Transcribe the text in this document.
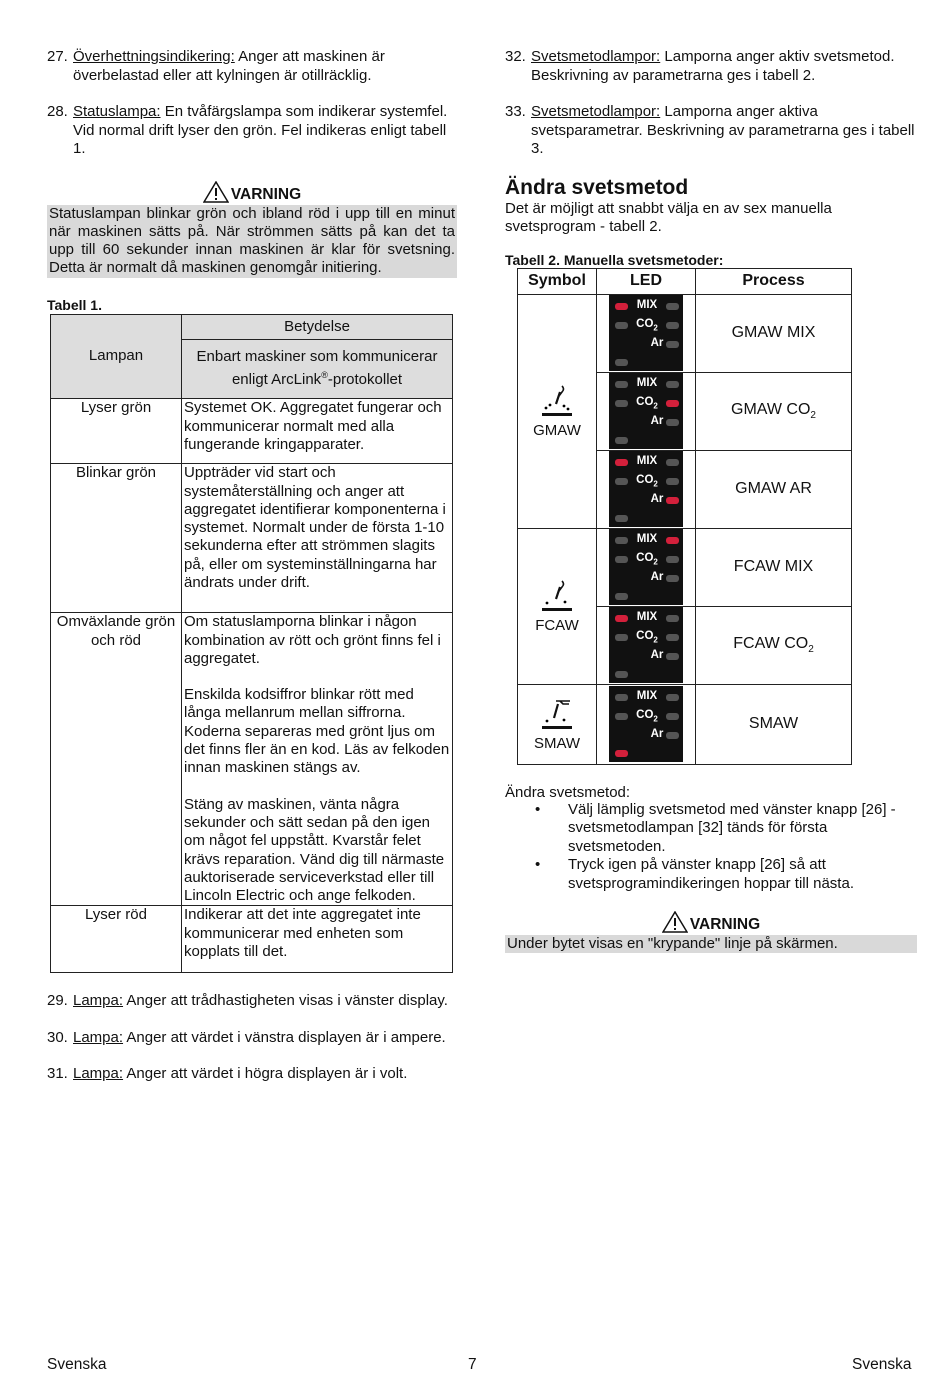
27. Överhettningsindikering: Anger att maskinen är överbelastad eller att kylningen är otillräcklig.
28. Statuslampa: En tvåfärgslampa som indikerar systemfel. Vid normal drift lyser den grön. Fel indikeras enligt tabell 1.
VARNING
Statuslampan blinkar grön och ibland röd i upp till en minut när maskinen sätts på. När strömmen sätts på kan det ta upp till 60 sekunder innan maskinen är klar för svetsning. Detta är normalt då maskinen genomgår initiering.
Tabell 1.
Lampan	Betydelse
	Enbart maskiner som kommunicerar enligt ArcLink®-protokollet
Lyser grön	Systemet OK. Aggregatet fungerar och kommunicerar normalt med alla fungerande kringapparater.
Blinkar grön	Uppträder vid start och systemåterställning och anger att aggregatet identifierar komponenterna i systemet. Normalt under de första 1-10 sekunderna efter att strömmen slagits på, eller om systeminställningarna har ändrats under drift.
Omväxlande grön och röd	Om statuslamporna blinkar i någon kombination av rött och grönt finns fel i aggregatet.
Enskilda kodsiffror blinkar rött med långa mellanrum mellan siffrorna. Koderna separeras med grönt ljus om det finns fler än en kod. Läs av felkoden innan maskinen stängs av.
Stäng av maskinen, vänta några sekunder och sätt sedan på den igen om något fel uppstått. Kvarstår felet krävs reparation. Vänd dig till närmaste auktoriserade serviceverkstad eller till Lincoln Electric och ange felkoden.

Lyser röd	Indikerar att det inte aggregatet inte kommunicerar med enheten som kopplats till det.
29. Lampa: Anger att trådhastigheten visas i vänster display.
30. Lampa: Anger att värdet i vänstra displayen är i ampere.
31. Lampa: Anger att värdet i högra displayen är i volt.
32. Svetsmetodlampor: Lamporna anger aktiv svetsmetod. Beskrivning av parametrarna ges i tabell 2.
33. Svetsmetodlampor: Lamporna anger aktiva svetsparametrar. Beskrivning av parametrarna ges i tabell 3.
Ändra svetsmetod
Det är möjligt att snabbt välja en av sex manuella svetsprogram - tabell 2.
Tabell 2. Manuella svetsmetoder:
Symbol	LED	Process

GMAW	MIX
$CO_2$
Ar	GMAW MIX

	MIX
$CO_2$
Ar	GMAW $CO_2$

	MIX
$CO_2$
Ar	GMAW AR

FCAW	MIX
$CO_2$
Ar	FCAW MIX

	MIX
$CO_2$
Ar	FCAW $CO_2$

SMAW	MIX
$CO_2$
Ar	SMAW
Ändra svetsmetod:
•	Välj lämplig svetsmetod med vänster knapp [26] - svetsmetodlampan [32] tänds för första svetsmetoden.
•	Tryck igen på vänster knapp [26] så att svetsprogramindikeringen hoppar till nästa.
VARNING
Under bytet visas en "krypande" linje på skärmen.
Svenska	7	Svenska
